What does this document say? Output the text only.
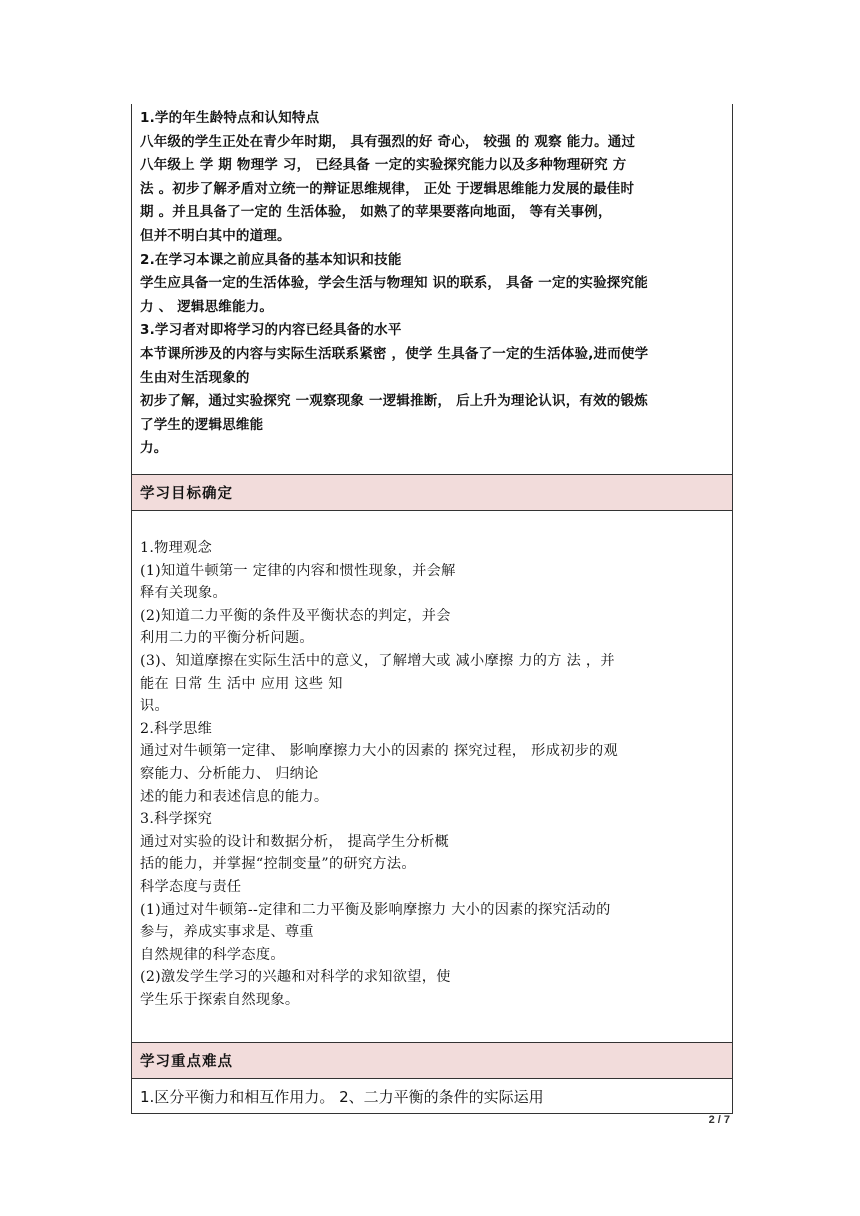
1.学的年生龄特点和认知特点
八年级的学生正处在青少年时期， 具有强烈的好 奇心， 较强 的 观察 能力。通过
八年级上 学 期 物理学 习， 已经具备 一定的实验探究能力以及多种物理研究 方
法 。初步了解矛盾对立统一的辩证思维规律， 正处 于逻辑思维能力发展的最佳时
期 。并且具备了一定的 生活体验， 如熟了的苹果要落向地面， 等有关事例，
但并不明白其中的道理。
2.在学习本课之前应具备的基本知识和技能
学生应具备一定的生活体验，学会生活与物理知 识的联系， 具备 一定的实验探究能
力 、 逻辑思维能力。
3.学习者对即将学习的内容已经具备的水平
本节课所涉及的内容与实际生活联系紧密 ，使学 生具备了一定的生活体验,进而使学
生由对生活现象的
初步了解，通过实验探究 一观察现象 一逻辑推断， 后上升为理论认识，有效的锻炼
了学生的逻辑思维能
力。
学习目标确定
1.物理观念
(1)知道牛顿第一 定律的内容和惯性现象，并会解
释有关现象。
(2)知道二力平衡的条件及平衡状态的判定，并会
利用二力的平衡分析问题。
(3)、知道摩擦在实际生活中的意义，了解增大或 减小摩擦 力的方 法 ，并
能在 日常 生 活中 应用 这些 知
识。
2.科学思维
通过对牛顿第一定律、 影响摩擦力大小的因素的 探究过程， 形成初步的观
察能力、分析能力、 归纳论
述的能力和表述信息的能力。
3.科学探究
通过对实验的设计和数据分析， 提高学生分析概
括的能力，并掌握“控制变量”的研究方法。
科学态度与责任
(1)通过对牛顿第--定律和二力平衡及影响摩擦力 大小的因素的探究活动的
参与，养成实事求是、尊重
自然规律的科学态度。
(2)激发学生学习的兴趣和对科学的求知欲望，使
学生乐于探索自然现象。
学习重点难点
1.区分平衡力和相互作用力。 2、二力平衡的条件的实际运用
2 / 7
